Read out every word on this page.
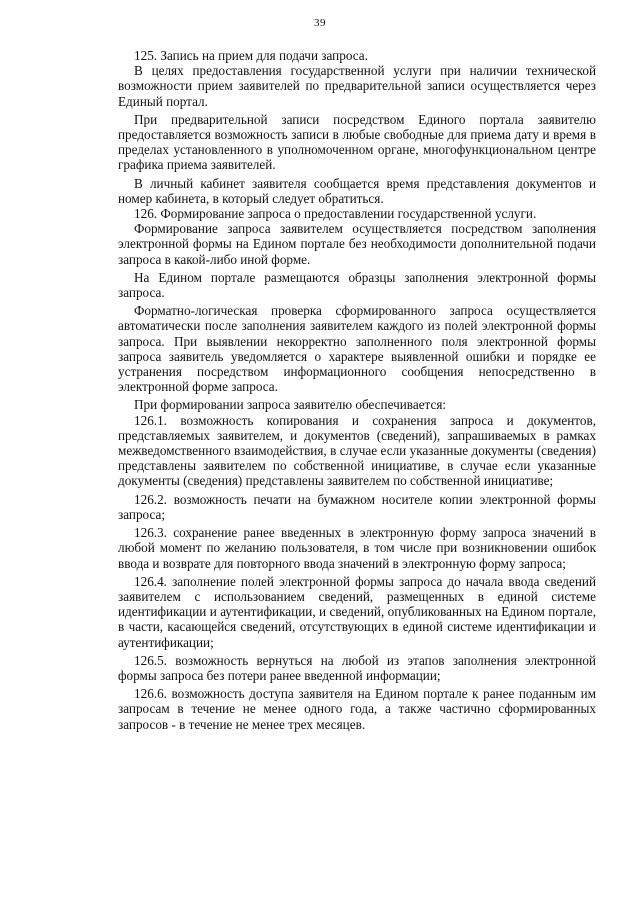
39

125. Запись на прием для подачи запроса.

В целях предоставления государственной услуги при наличии технической возможности прием заявителей по предварительной записи осуществляется через Единый портал.

При предварительной записи посредством Единого портала заявителю предоставляется возможность записи в любые свободные для приема дату и время в пределах установленного в уполномоченном органе, многофункциональном центре графика приема заявителей.

В личный кабинет заявителя сообщается время представления документов и номер кабинета, в который следует обратиться.

126. Формирование запроса о предоставлении государственной услуги.

Формирование запроса заявителем осуществляется посредством заполнения электронной формы на Едином портале без необходимости дополнительной подачи запроса в какой-либо иной форме.

На Едином портале размещаются образцы заполнения электронной формы запроса.

Форматно-логическая проверка сформированного запроса осуществляется автоматически после заполнения заявителем каждого из полей электронной формы запроса. При выявлении некорректно заполненного поля электронной формы запроса заявитель уведомляется о характере выявленной ошибки и порядке ее устранения посредством информационного сообщения непосредственно в электронной форме запроса.

При формировании запроса заявителю обеспечивается:

126.1. возможность копирования и сохранения запроса и документов, представляемых заявителем, и документов (сведений), запрашиваемых в рамках межведомственного взаимодействия, в случае если указанные документы (сведения) представлены заявителем по собственной инициативе, в случае если указанные документы (сведения) представлены заявителем по собственной инициативе;

126.2. возможность печати на бумажном носителе копии электронной формы запроса;

126.3. сохранение ранее введенных в электронную форму запроса значений в любой момент по желанию пользователя, в том числе при возникновении ошибок ввода и возврате для повторного ввода значений в электронную форму запроса;

126.4. заполнение полей электронной формы запроса до начала ввода сведений заявителем с использованием сведений, размещенных в единой системе идентификации и аутентификации, и сведений, опубликованных на Едином портале, в части, касающейся сведений, отсутствующих в единой системе идентификации и аутентификации;

126.5. возможность вернуться на любой из этапов заполнения электронной формы запроса без потери ранее введенной информации;

126.6. возможность доступа заявителя на Едином портале к ранее поданным им запросам в течение не менее одного года, а также частично сформированных запросов - в течение не менее трех месяцев.
